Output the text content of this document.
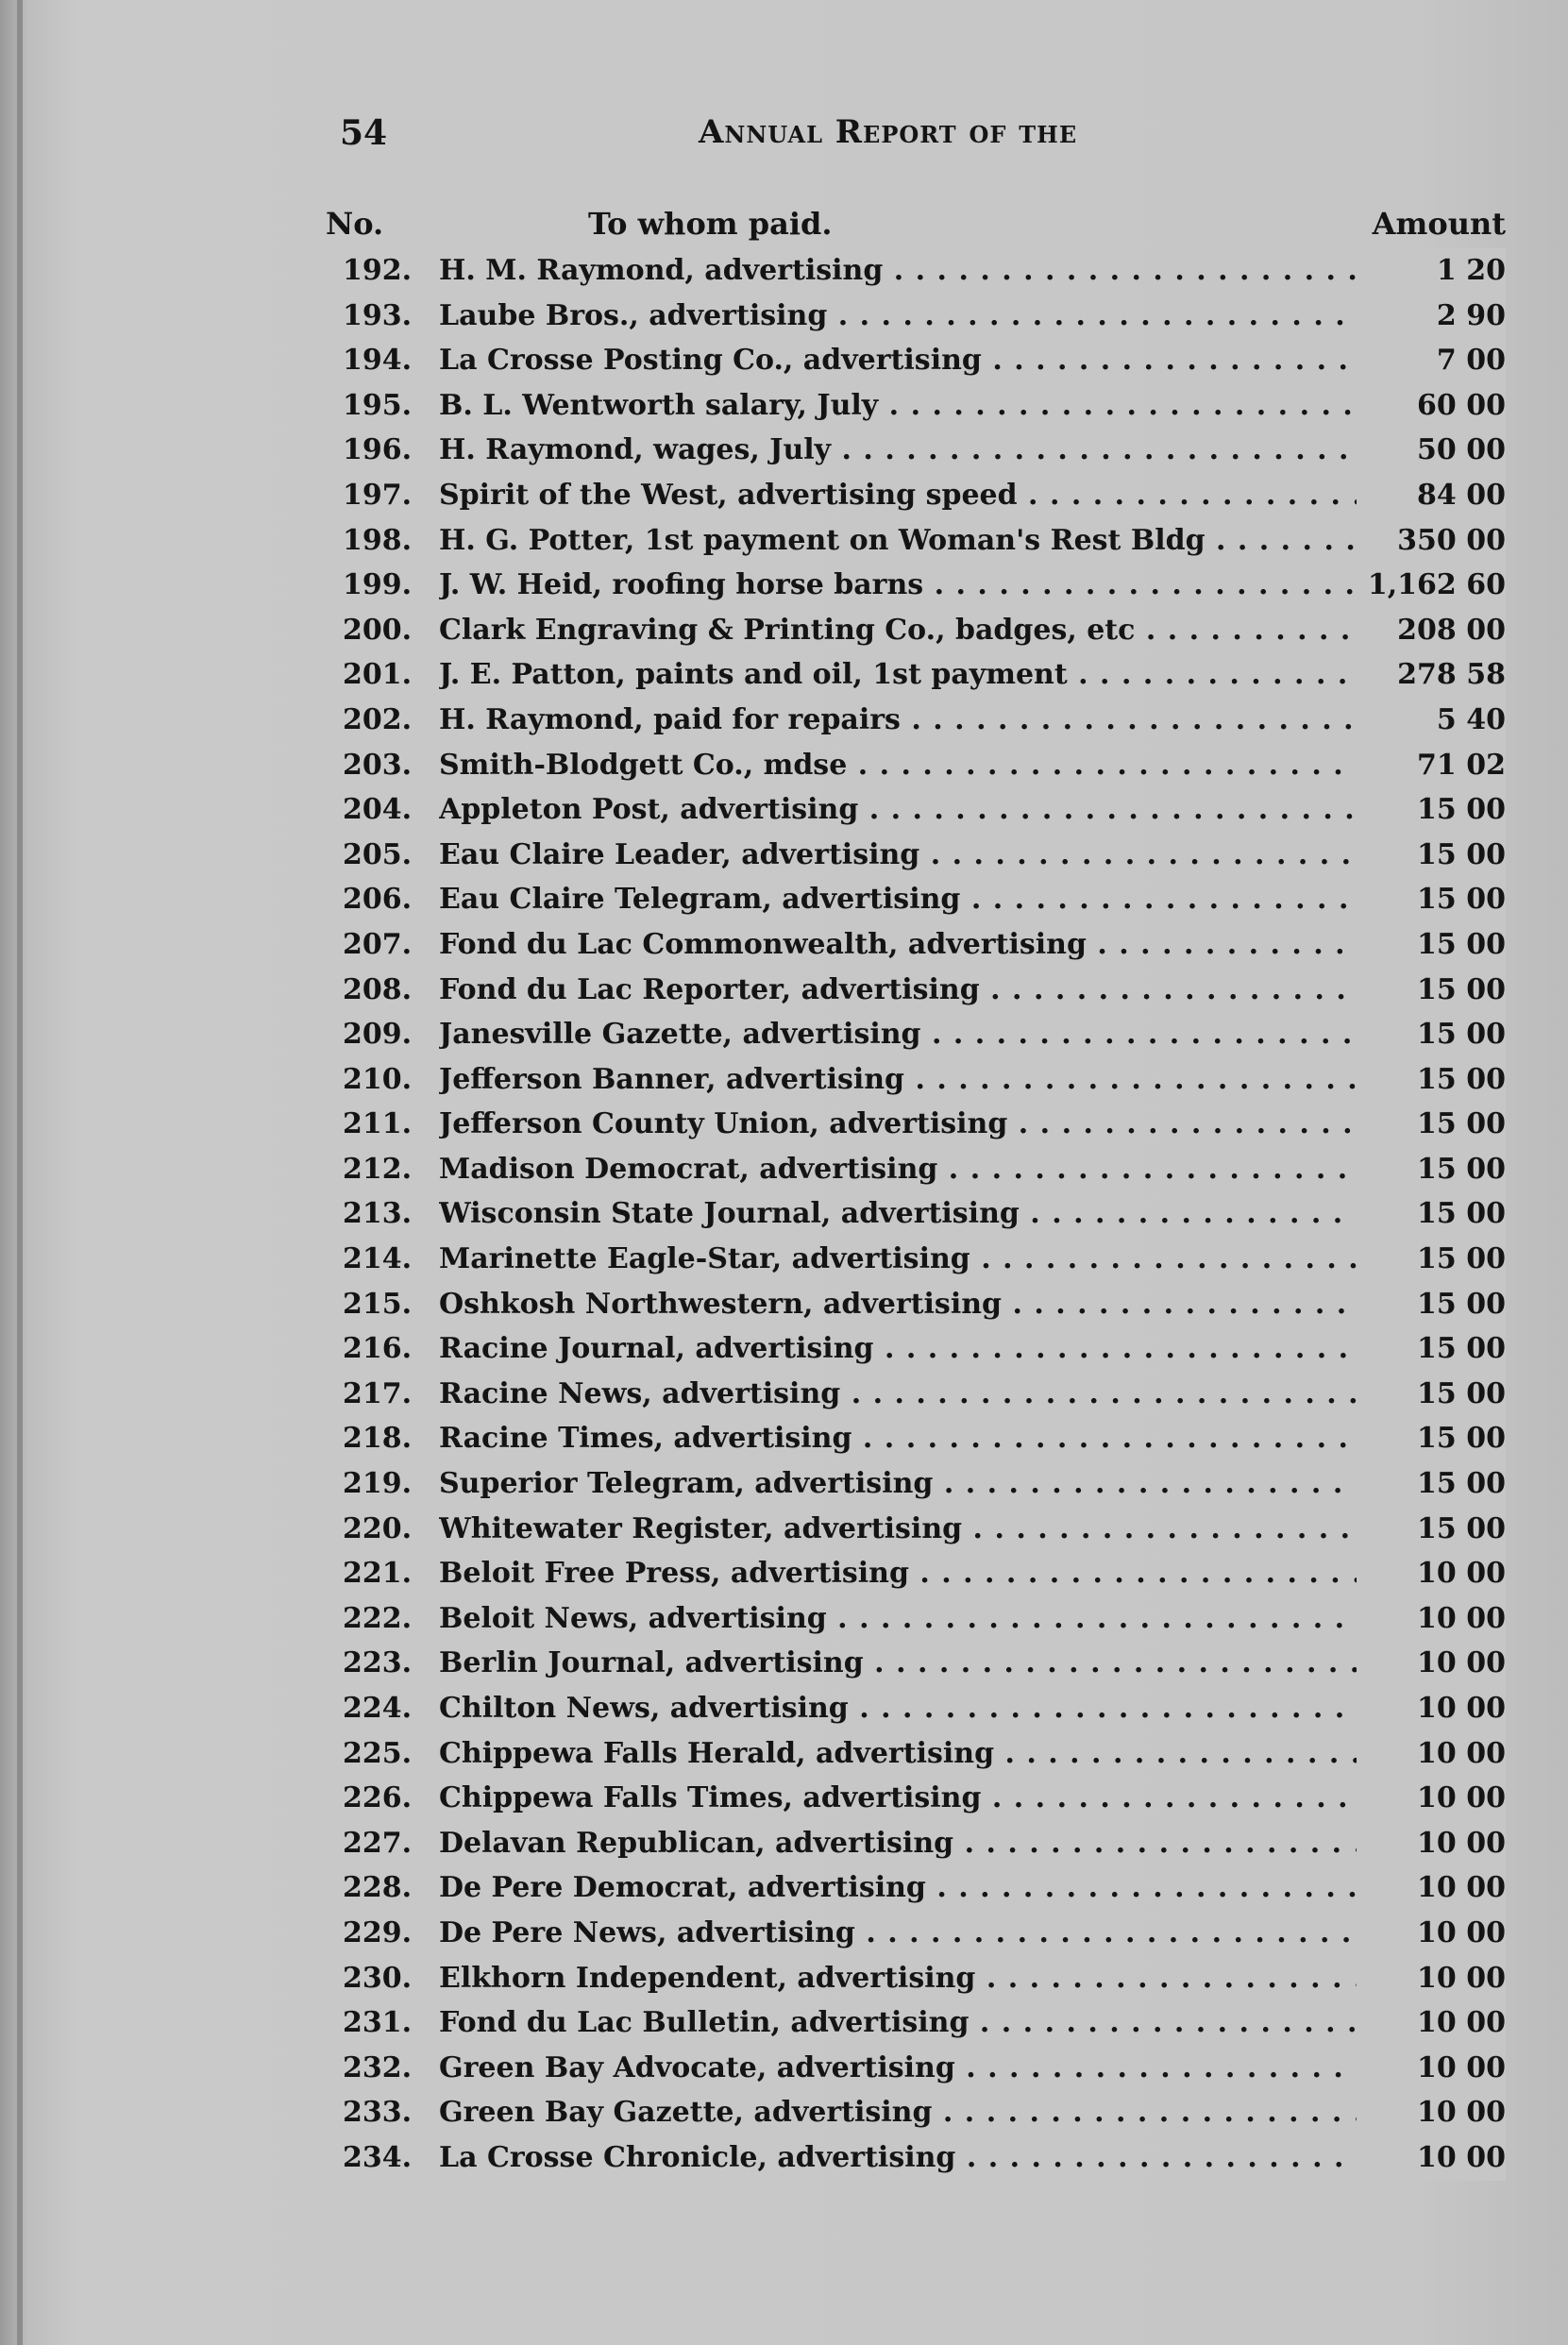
54	Annual Report of the
No.	To whom paid.	Amount
192. H. M. Raymond, advertising . . .	1 20
193. Laube Bros., advertising . . .	2 90
194. La Crosse Posting Co., advertising . . .	7 00
195. B. L. Wentworth salary, July . . .	60 00
196. H. Raymond, wages, July . . .	50 00
197. Spirit of the West, advertising speed . . .	84 00
198. H. G. Potter, 1st payment on Woman's Rest Bldg . . .	350 00
199. J. W. Heid, roofing horse barns . . .	1,162 60
200. Clark Engraving & Printing Co., badges, etc . . .	208 00
201. J. E. Patton, paints and oil, 1st payment . . .	278 58
202. H. Raymond, paid for repairs . . .	5 40
203. Smith-Blodgett Co., mdse . . .	71 02
204. Appleton Post, advertising . . .	15 00
205. Eau Claire Leader, advertising . . .	15 00
206. Eau Claire Telegram, advertising . . .	15 00
207. Fond du Lac Commonwealth, advertising . . .	15 00
208. Fond du Lac Reporter, advertising . . .	15 00
209. Janesville Gazette, advertising . . .	15 00
210. Jefferson Banner, advertising . . .	15 00
211. Jefferson County Union, advertising . . .	15 00
212. Madison Democrat, advertising . . .	15 00
213. Wisconsin State Journal, advertising . . .	15 00
214. Marinette Eagle-Star, advertising . . .	15 00
215. Oshkosh Northwestern, advertising . . .	15 00
216. Racine Journal, advertising . . .	15 00
217. Racine News, advertising . . .	15 00
218. Racine Times, advertising . . .	15 00
219. Superior Telegram, advertising . . .	15 00
220. Whitewater Register, advertising . . .	15 00
221. Beloit Free Press, advertising . . .	10 00
222. Beloit News, advertising . . .	10 00
223. Berlin Journal, advertising . . .	10 00
224. Chilton News, advertising . . .	10 00
225. Chippewa Falls Herald, advertising . . .	10 00
226. Chippewa Falls Times, advertising . . .	10 00
227. Delavan Republican, advertising . . .	10 00
228. De Pere Democrat, advertising . . .	10 00
229. De Pere News, advertising . . .	10 00
230. Elkhorn Independent, advertising . . .	10 00
231. Fond du Lac Bulletin, advertising . . .	10 00
232. Green Bay Advocate, advertising . . .	10 00
233. Green Bay Gazette, advertising . . .	10 00
234. La Crosse Chronicle, advertising . . .	10 00
